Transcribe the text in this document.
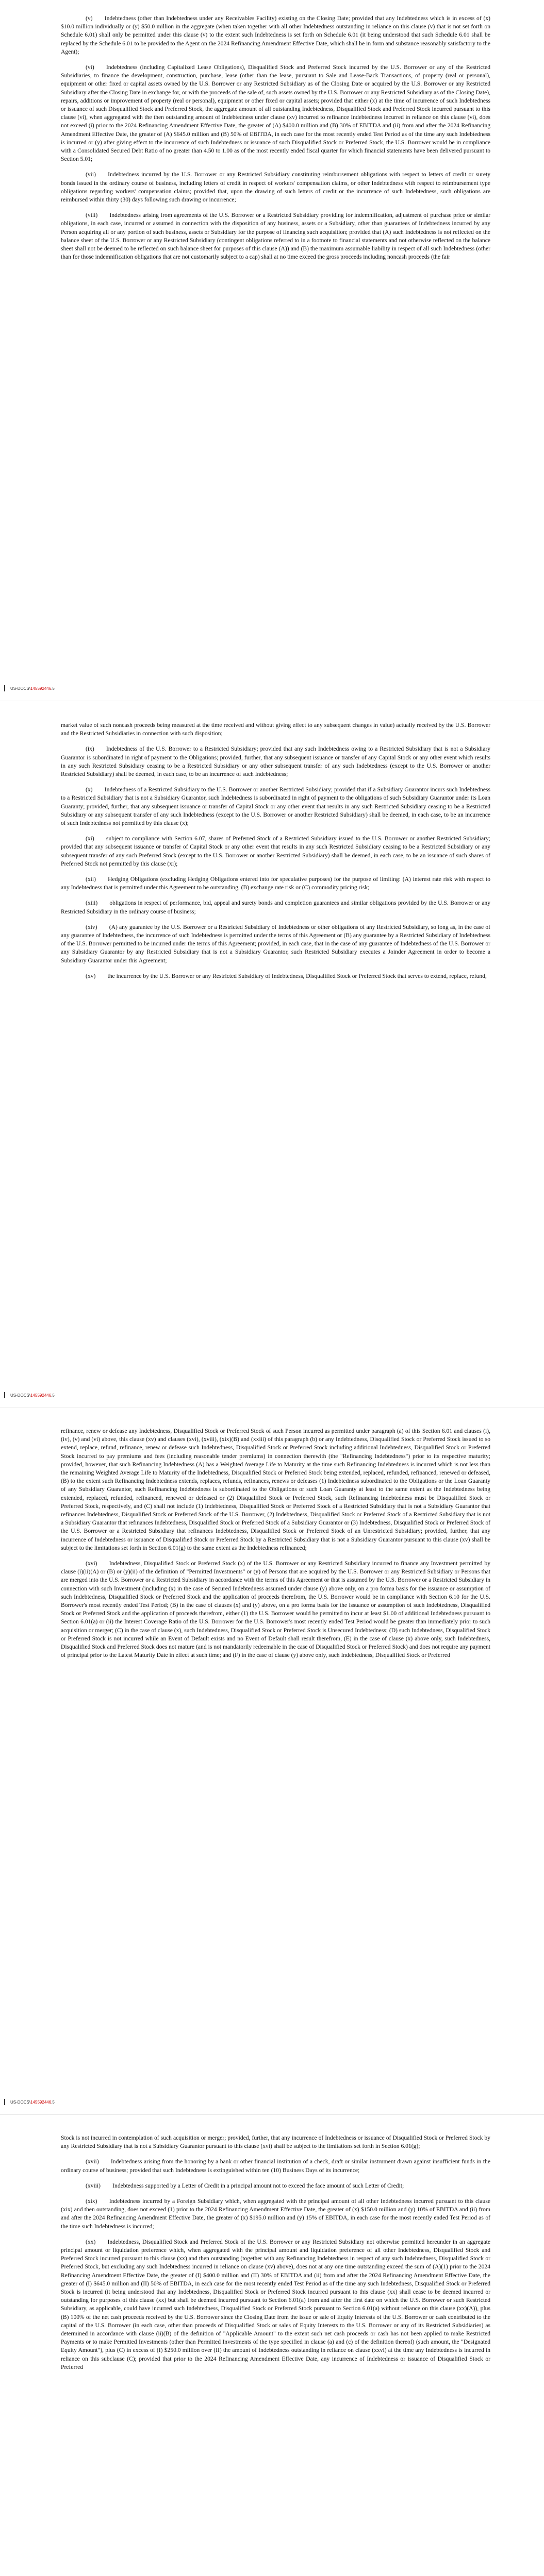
(v)  Indebtedness (other than Indebtedness under any Receivables Facility) existing on the Closing Date; provided that any Indebtedness which is in excess of (x) $10.0 million individually or (y) $50.0 million in the aggregate (when taken together with all other Indebtedness outstanding in reliance on this clause (v) that is not set forth on Schedule 6.01) shall only be permitted under this clause (v) to the extent such Indebtedness is set forth on Schedule 6.01 (it being understood that such Schedule 6.01 shall be replaced by the Schedule 6.01 to be provided to the Agent on the 2024 Refinancing Amendment Effective Date, which shall be in form and substance reasonably satisfactory to the Agent);

(vi)  Indebtedness (including Capitalized Lease Obligations), Disqualified Stock and Preferred Stock incurred by the U.S. Borrower or any of the Restricted Subsidiaries, to finance the development, construction, purchase, lease (other than the lease, pursuant to Sale and Lease-Back Transactions, of property (real or personal), equipment or other fixed or capital assets owned by the U.S. Borrower or any Restricted Subsidiary as of the Closing Date or acquired by the U.S. Borrower or any Restricted Subsidiary after the Closing Date in exchange for, or with the proceeds of the sale of, such assets owned by the U.S. Borrower or any Restricted Subsidiary as of the Closing Date), repairs, additions or improvement of property (real or personal), equipment or other fixed or capital assets; provided that either (x) at the time of incurrence of such Indebtedness or issuance of such Disqualified Stock and Preferred Stock, the aggregate amount of all outstanding Indebtedness, Disqualified Stock and Preferred Stock incurred pursuant to this clause (vi), when aggregated with the then outstanding amount of Indebtedness under clause (xv) incurred to refinance Indebtedness incurred in reliance on this clause (vi), does not exceed (i) prior to the 2024 Refinancing Amendment Effective Date, the greater of (A) $400.0 million and (B) 30% of EBITDA and (ii) from and after the 2024 Refinancing Amendment Effective Date, the greater of (A) $645.0 million and (B) 50% of EBITDA, in each case for the most recently ended Test Period as of the time any such Indebtedness is incurred or (y) after giving effect to the incurrence of such Indebtedness or issuance of such Disqualified Stock or Preferred Stock, the U.S. Borrower would be in compliance with a Consolidated Secured Debt Ratio of no greater than 4.50 to 1.00 as of the most recently ended fiscal quarter for which financial statements have been delivered pursuant to Section 5.01;

(vii)  Indebtedness incurred by the U.S. Borrower or any Restricted Subsidiary constituting reimbursement obligations with respect to letters of credit or surety bonds issued in the ordinary course of business, including letters of credit in respect of workers' compensation claims, or other Indebtedness with respect to reimbursement type obligations regarding workers' compensation claims; provided that, upon the drawing of such letters of credit or the incurrence of such Indebtedness, such obligations are reimbursed within thirty (30) days following such drawing or incurrence;

(viii)  Indebtedness arising from agreements of the U.S. Borrower or a Restricted Subsidiary providing for indemnification, adjustment of purchase price or similar obligations, in each case, incurred or assumed in connection with the disposition of any business, assets or a Subsidiary, other than guarantees of Indebtedness incurred by any Person acquiring all or any portion of such business, assets or Subsidiary for the purpose of financing such acquisition; provided that (A) such Indebtedness is not reflected on the balance sheet of the U.S. Borrower or any Restricted Subsidiary (contingent obligations referred to in a footnote to financial statements and not otherwise reflected on the balance sheet shall not be deemed to be reflected on such balance sheet for purposes of this clause (A)) and (B) the maximum assumable liability in respect of all such Indebtedness (other than for those indemnification obligations that are not customarily subject to a cap) shall at no time exceed the gross proceeds including noncash proceeds (the fair

US-DOCS\145592446.5

market value of such noncash proceeds being measured at the time received and without giving effect to any subsequent changes in value) actually received by the U.S. Borrower and the Restricted Subsidiaries in connection with such disposition;

(ix)  Indebtedness of the U.S. Borrower to a Restricted Subsidiary; provided that any such Indebtedness owing to a Restricted Subsidiary that is not a Subsidiary Guarantor is subordinated in right of payment to the Obligations; provided, further, that any subsequent issuance or transfer of any Capital Stock or any other event which results in any such Restricted Subsidiary ceasing to be a Restricted Subsidiary or any other subsequent transfer of any such Indebtedness (except to the U.S. Borrower or another Restricted Subsidiary) shall be deemed, in each case, to be an incurrence of such Indebtedness;

(x)  Indebtedness of a Restricted Subsidiary to the U.S. Borrower or another Restricted Subsidiary; provided that if a Subsidiary Guarantor incurs such Indebtedness to a Restricted Subsidiary that is not a Subsidiary Guarantor, such Indebtedness is subordinated in right of payment to the obligations of such Subsidiary Guarantor under its Loan Guaranty; provided, further, that any subsequent issuance or transfer of Capital Stock or any other event that results in any such Restricted Subsidiary ceasing to be a Restricted Subsidiary or any subsequent transfer of any such Indebtedness (except to the U.S. Borrower or another Restricted Subsidiary) shall be deemed, in each case, to be an incurrence of such Indebtedness not permitted by this clause (x);

(xi)  subject to compliance with Section 6.07, shares of Preferred Stock of a Restricted Subsidiary issued to the U.S. Borrower or another Restricted Subsidiary; provided that any subsequent issuance or transfer of Capital Stock or any other event that results in any such Restricted Subsidiary ceasing to be a Restricted Subsidiary or any subsequent transfer of any such Preferred Stock (except to the U.S. Borrower or another Restricted Subsidiary) shall be deemed, in each case, to be an issuance of such shares of Preferred Stock not permitted by this clause (xi);

(xii)  Hedging Obligations (excluding Hedging Obligations entered into for speculative purposes) for the purpose of limiting: (A) interest rate risk with respect to any Indebtedness that is permitted under this Agreement to be outstanding, (B) exchange rate risk or (C) commodity pricing risk;

(xiii)  obligations in respect of performance, bid, appeal and surety bonds and completion guarantees and similar obligations provided by the U.S. Borrower or any Restricted Subsidiary in the ordinary course of business;

(xiv)  (A) any guarantee by the U.S. Borrower or a Restricted Subsidiary of Indebtedness or other obligations of any Restricted Subsidiary, so long as, in the case of any guarantee of Indebtedness, the incurrence of such Indebtedness is permitted under the terms of this Agreement or (B) any guarantee by a Restricted Subsidiary of Indebtedness of the U.S. Borrower permitted to be incurred under the terms of this Agreement; provided, in each case, that in the case of any guarantee of Indebtedness of the U.S. Borrower or any Subsidiary Guarantor by any Restricted Subsidiary that is not a Subsidiary Guarantor, such Restricted Subsidiary executes a Joinder Agreement in order to become a Subsidiary Guarantor under this Agreement;

(xv)  the incurrence by the U.S. Borrower or any Restricted Subsidiary of Indebtedness, Disqualified Stock or Preferred Stock that serves to extend, replace, refund,

US-DOCS\145592446.5

refinance, renew or defease any Indebtedness, Disqualified Stock or Preferred Stock of such Person incurred as permitted under paragraph (a) of this Section 6.01 and clauses (i), (iv), (v) and (vi) above, this clause (xv) and clauses (xvi), (xviii), (xix)(B) and (xxiii) of this paragraph (b) or any Indebtedness, Disqualified Stock or Preferred Stock issued to so extend, replace, refund, refinance, renew or defease such Indebtedness, Disqualified Stock or Preferred Stock including additional Indebtedness, Disqualified Stock or Preferred Stock incurred to pay premiums and fees (including reasonable tender premiums) in connection therewith (the "Refinancing Indebtedness") prior to its respective maturity; provided, however, that such Refinancing Indebtedness (A) has a Weighted Average Life to Maturity at the time such Refinancing Indebtedness is incurred which is not less than the remaining Weighted Average Life to Maturity of the Indebtedness, Disqualified Stock or Preferred Stock being extended, replaced, refunded, refinanced, renewed or defeased, (B) to the extent such Refinancing Indebtedness extends, replaces, refunds, refinances, renews or defeases (1) Indebtedness subordinated to the Obligations or the Loan Guaranty of any Subsidiary Guarantor, such Refinancing Indebtedness is subordinated to the Obligations or such Loan Guaranty at least to the same extent as the Indebtedness being extended, replaced, refunded, refinanced, renewed or defeased or (2) Disqualified Stock or Preferred Stock, such Refinancing Indebtedness must be Disqualified Stock or Preferred Stock, respectively, and (C) shall not include (1) Indebtedness, Disqualified Stock or Preferred Stock of a Restricted Subsidiary that is not a Subsidiary Guarantor that refinances Indebtedness, Disqualified Stock or Preferred Stock of the U.S. Borrower, (2) Indebtedness, Disqualified Stock or Preferred Stock of a Restricted Subsidiary that is not a Subsidiary Guarantor that refinances Indebtedness, Disqualified Stock or Preferred Stock of a Subsidiary Guarantor or (3) Indebtedness, Disqualified Stock or Preferred Stock of the U.S. Borrower or a Restricted Subsidiary that refinances Indebtedness, Disqualified Stock or Preferred Stock of an Unrestricted Subsidiary; provided, further, that any incurrence of Indebtedness or issuance of Disqualified Stock or Preferred Stock by a Restricted Subsidiary that is not a Subsidiary Guarantor pursuant to this clause (xv) shall be subject to the limitations set forth in Section 6.01(g) to the same extent as the Indebtedness refinanced;

(xvi)  Indebtedness, Disqualified Stock or Preferred Stock (x) of the U.S. Borrower or any Restricted Subsidiary incurred to finance any Investment permitted by clause (i)(ii)(A) or (B) or (y)(ii) of the definition of "Permitted Investments" or (y) of Persons that are acquired by the U.S. Borrower or any Restricted Subsidiary or Persons that are merged into the U.S. Borrower or a Restricted Subsidiary in accordance with the terms of this Agreement or that is assumed by the U.S. Borrower or a Restricted Subsidiary in connection with such Investment (including (x) in the case of Secured Indebtedness assumed under clause (y) above only, on a pro forma basis for the issuance or assumption of such Indebtedness, Disqualified Stock or Preferred Stock and the application of proceeds therefrom, the U.S. Borrower would be in compliance with Section 6.10 for the U.S. Borrower's most recently ended Test Period; (B) in the case of clauses (x) and (y) above, on a pro forma basis for the issuance or assumption of such Indebtedness, Disqualified Stock or Preferred Stock and the application of proceeds therefrom, either (1) the U.S. Borrower would be permitted to incur at least $1.00 of additional Indebtedness pursuant to Section 6.01(a) or (ii) the Interest Coverage Ratio of the U.S. Borrower for the U.S. Borrower's most recently ended Test Period would be greater than immediately prior to such acquisition or merger; (C) in the case of clause (x), such Indebtedness, Disqualified Stock or Preferred Stock is Unsecured Indebtedness; (D) such Indebtedness, Disqualified Stock or Preferred Stock is not incurred while an Event of Default exists and no Event of Default shall result therefrom, (E) in the case of clause (x) above only, such Indebtedness, Disqualified Stock and Preferred Stock does not mature (and is not mandatorily redeemable in the case of Disqualified Stock or Preferred Stock) and does not require any payment of principal prior to the Latest Maturity Date in effect at such time; and (F) in the case of clause (y) above only, such Indebtedness, Disqualified Stock or Preferred

US-DOCS\145592446.5

Stock is not incurred in contemplation of such acquisition or merger; provided, further, that any incurrence of Indebtedness or issuance of Disqualified Stock or Preferred Stock by any Restricted Subsidiary that is not a Subsidiary Guarantor pursuant to this clause (xvi) shall be subject to the limitations set forth in Section 6.01(g);

(xvii)  Indebtedness arising from the honoring by a bank or other financial institution of a check, draft or similar instrument drawn against insufficient funds in the ordinary course of business; provided that such Indebtedness is extinguished within ten (10) Business Days of its incurrence;

(xviii)  Indebtedness supported by a Letter of Credit in a principal amount not to exceed the face amount of such Letter of Credit;

(xix)  Indebtedness incurred by a Foreign Subsidiary which, when aggregated with the principal amount of all other Indebtedness incurred pursuant to this clause (xix) and then outstanding, does not exceed (1) prior to the 2024 Refinancing Amendment Effective Date, the greater of (x) $150.0 million and (y) 10% of EBITDA and (ii) from and after the 2024 Refinancing Amendment Effective Date, the greater of (x) $195.0 million and (y) 15% of EBITDA, in each case for the most recently ended Test Period as of the time such Indebtedness is incurred;

(xx)  Indebtedness, Disqualified Stock and Preferred Stock of the U.S. Borrower or any Restricted Subsidiary not otherwise permitted hereunder in an aggregate principal amount or liquidation preference which, when aggregated with the principal amount and liquidation preference of all other Indebtedness, Disqualified Stock and Preferred Stock incurred pursuant to this clause (xx) and then outstanding (together with any Refinancing Indebtedness in respect of any such Indebtedness, Disqualified Stock or Preferred Stock, but excluding any such Indebtedness incurred in reliance on clause (xv) above), does not at any one time outstanding exceed the sum of (A)(1) prior to the 2024 Refinancing Amendment Effective Date, the greater of (I) $400.0 million and (II) 30% of EBITDA and (ii) from and after the 2024 Refinancing Amendment Effective Date, the greater of (I) $645.0 million and (II) 50% of EBITDA, in each case for the most recently ended Test Period as of the time any such Indebtedness, Disqualified Stock or Preferred Stock is incurred (it being understood that any Indebtedness, Disqualified Stock or Preferred Stock incurred pursuant to this clause (xx) shall cease to be deemed incurred or outstanding for purposes of this clause (xx) but shall be deemed incurred pursuant to Section 6.01(a) from and after the first date on which the U.S. Borrower or such Restricted Subsidiary, as applicable, could have incurred such Indebtedness, Disqualified Stock or Preferred Stock pursuant to Section 6.01(a) without reliance on this clause (xx)(A)), plus (B) 100% of the net cash proceeds received by the U.S. Borrower since the Closing Date from the issue or sale of Equity Interests of the U.S. Borrower or cash contributed to the capital of the U.S. Borrower (in each case, other than proceeds of Disqualified Stock or sales of Equity Interests to the U.S. Borrower or any of its Restricted Subsidiaries) as determined in accordance with clause (ii)(B) of the definition of "Applicable Amount" to the extent such net cash proceeds or cash has not been applied to make Restricted Payments or to make Permitted Investments (other than Permitted Investments of the type specified in clause (a) and (c) of the definition thereof) (such amount, the "Designated Equity Amount"), plus (C) in excess of (I) $250.0 million over (II) the amount of Indebtedness outstanding in reliance on clause (xxvi) at the time any Indebtedness is incurred in reliance on this subclause (C); provided that prior to the 2024 Refinancing Amendment Effective Date, any incurrence of Indebtedness or issuance of Disqualified Stock or Preferred
